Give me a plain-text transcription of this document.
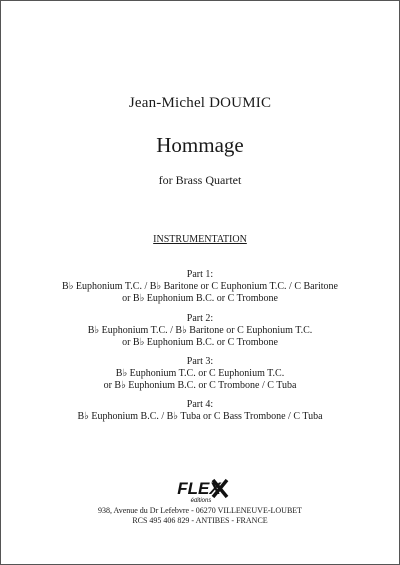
Jean-Michel DOUMIC
Hommage
for Brass Quartet
INSTRUMENTATION
Part 1:
B♭ Euphonium T.C. / B♭ Baritone or C Euphonium T.C. / C Baritone
or B♭ Euphonium B.C. or C Trombone
Part 2:
B♭ Euphonium T.C. / B♭ Baritone or C Euphonium T.C.
or B♭ Euphonium B.C. or C Trombone
Part 3:
B♭ Euphonium T.C. or C Euphonium T.C.
or B♭ Euphonium B.C. or C Trombone / C Tuba
Part 4:
B♭ Euphonium B.C. / B♭ Tuba or C Bass Trombone / C Tuba
FLEX
éditions
938, Avenue du Dr Lefebvre - 06270 VILLENEUVE-LOUBET
RCS 495 406 829 - ANTIBES - FRANCE
